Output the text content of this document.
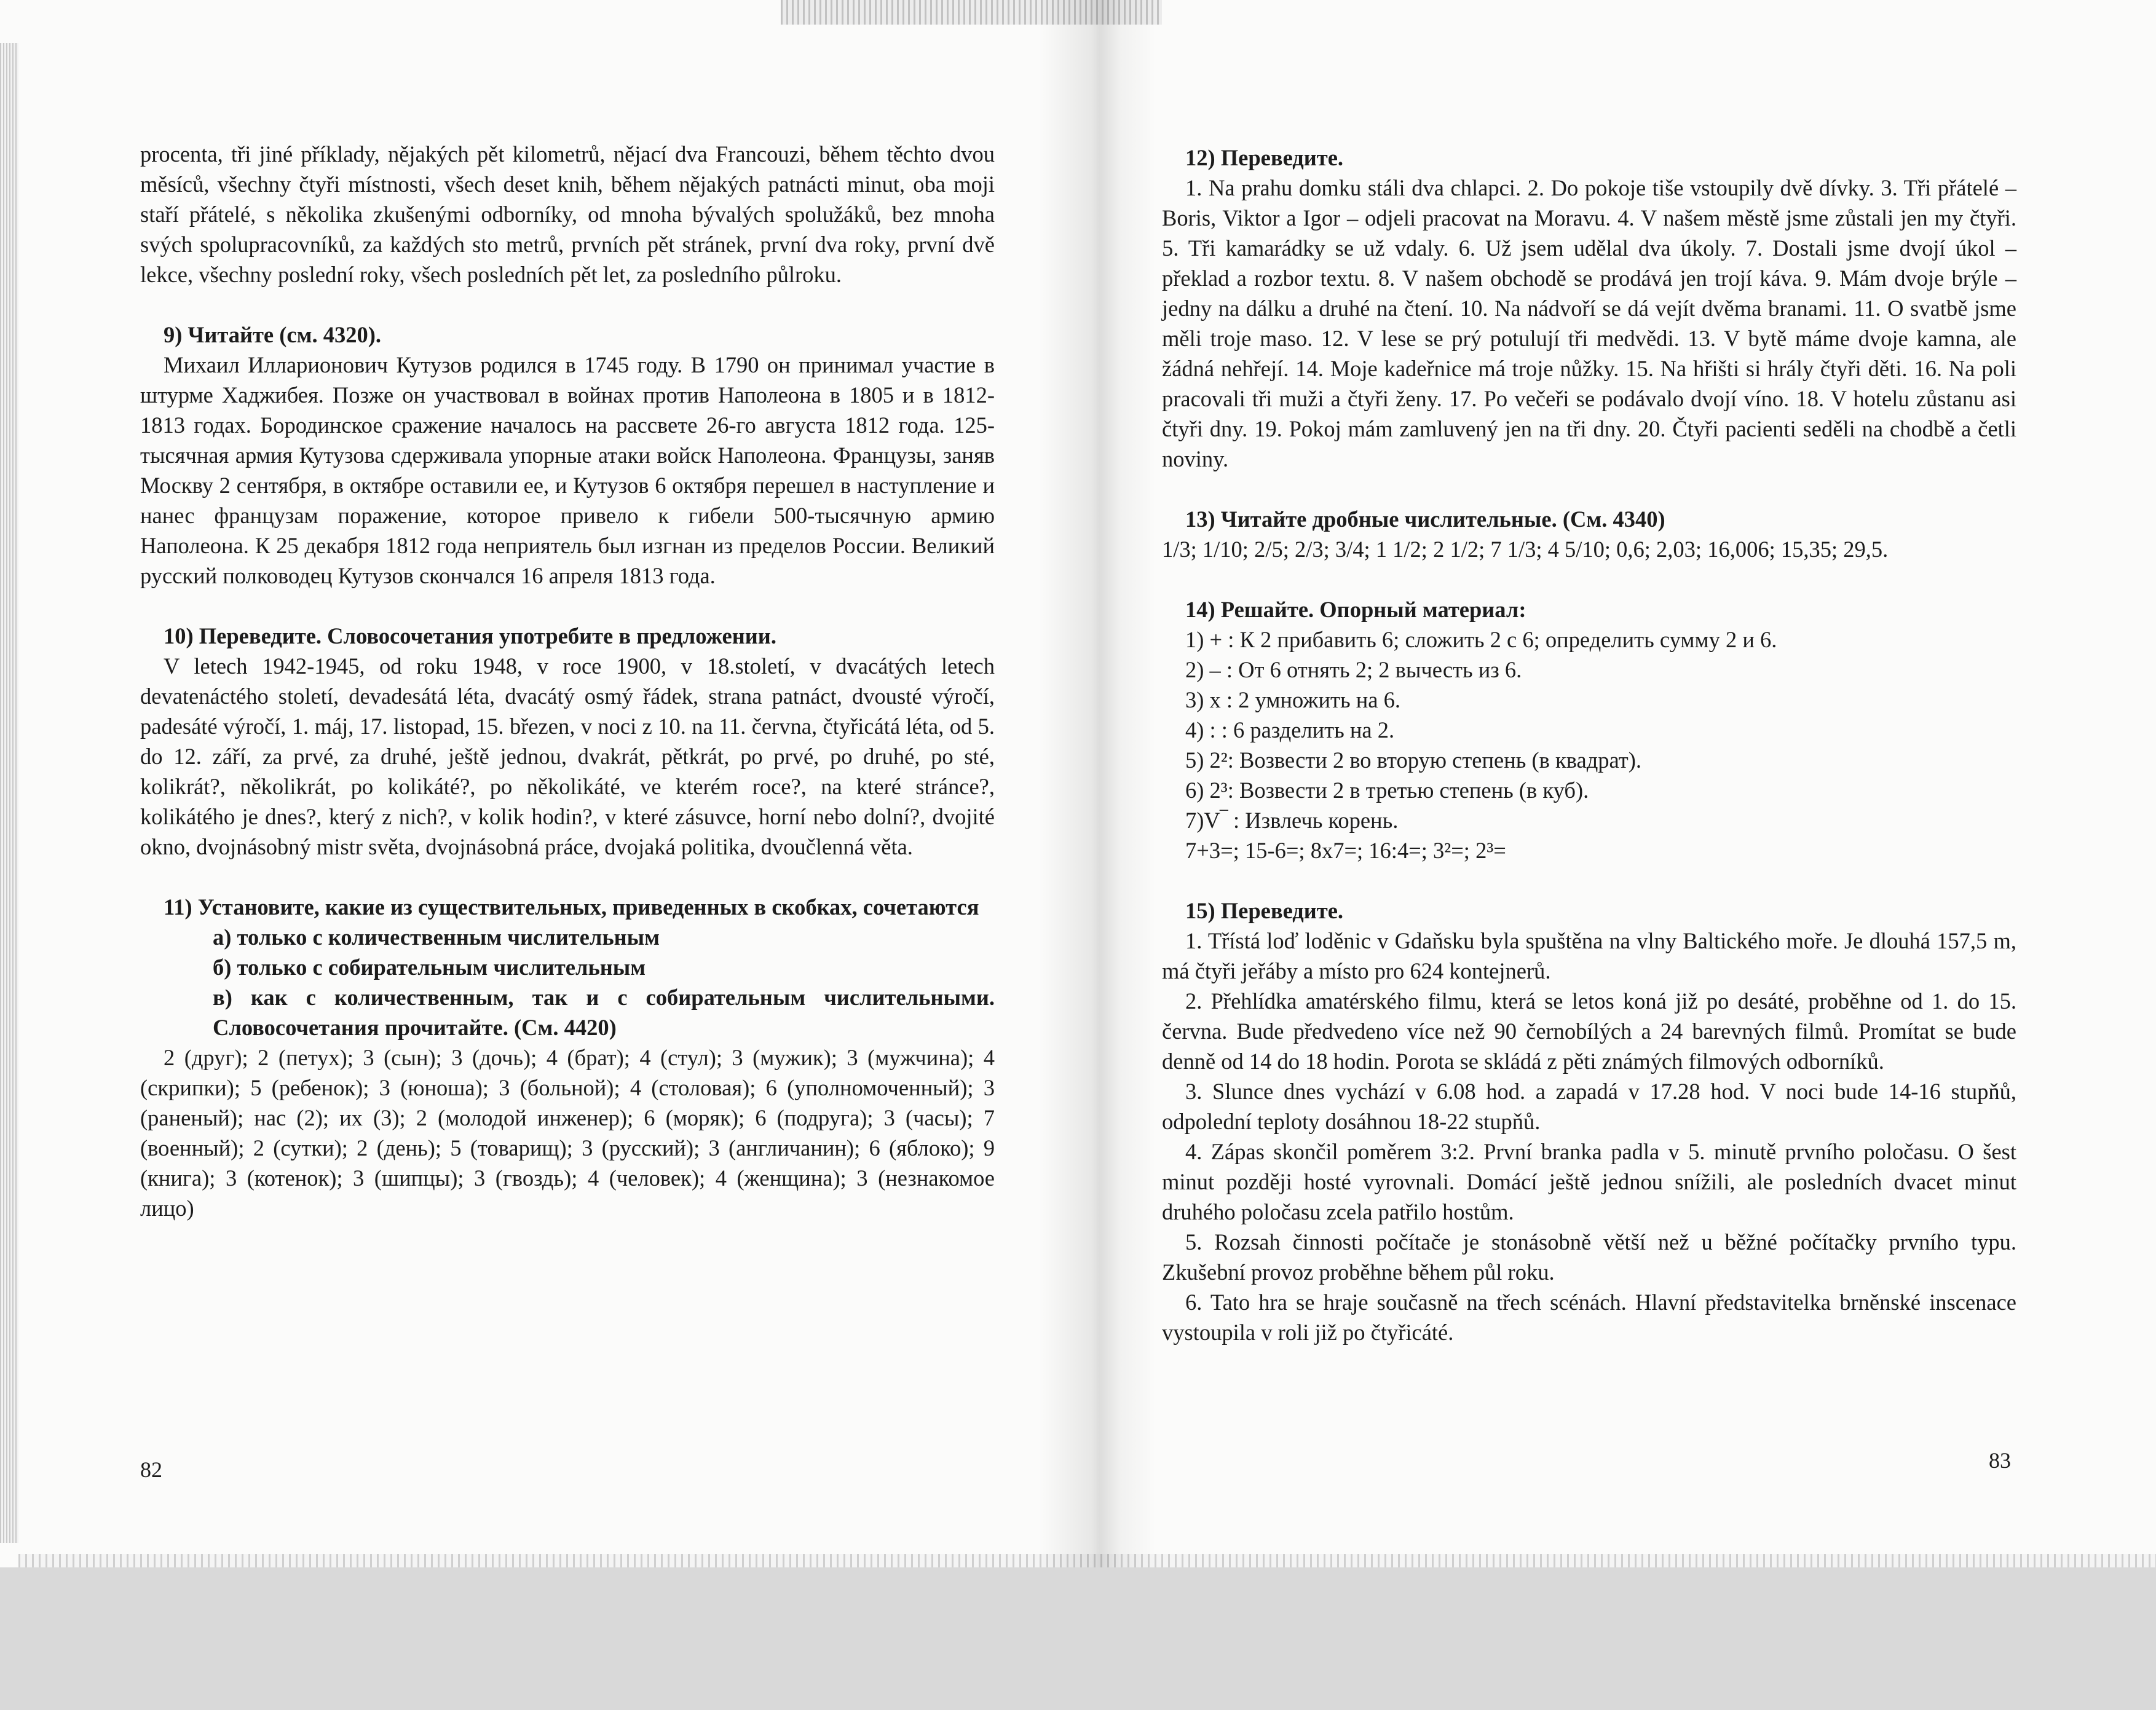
procenta, tři jiné příklady, nějakých pět kilometrů, nějací dva Francouzi, během těchto dvou měsíců, všechny čtyři místnosti, všech deset knih, během nějakých patnácti minut, oba moji staří přátelé, s několika zkušenými odborníky, od mnoha bývalých spolužáků, bez mnoha svých spolupracovníků, za každých sto metrů, prvních pět stránek, první dva roky, první dvě lekce, všechny poslední roky, všech posledních pět let, za posledního půlroku.

9) Читайте (см. 4320).

Михаил Илларионович Кутузов родился в 1745 году. В 1790 он принимал участие в штурме Хаджибея. Позже он участвовал в войнах против Наполеона в 1805 и в 1812-1813 годах. Бородинское сражение началось на рассвете 26-го августа 1812 года. 125-тысячная армия Кутузова сдерживала упорные атаки войск Наполеона. Французы, заняв Москву 2 сентября, в октябре оставили ее, и Кутузов 6 октября перешел в наступление и нанес французам поражение, которое привело к гибели 500-тысячную армию Наполеона. К 25 декабря 1812 года неприятель был изгнан из пределов России. Великий русский полководец Кутузов скончался 16 апреля 1813 года.

10) Переведите. Словосочетания употребите в предложении.

V letech 1942-1945, od roku 1948, v roce 1900, v 18.století, v dvacátých letech devatenáctého století, devadesátá léta, dvacátý osmý řádek, strana patnáct, dvousté výročí, padesáté výročí, 1. máj, 17. listopad, 15. březen, v noci z 10. na 11. června, čtyřicátá léta, od 5. do 12. září, za prvé, za druhé, ještě jednou, dvakrát, pětkrát, po prvé, po druhé, po sté, kolikrát?, několikrát, po kolikáté?, po několikáté, ve kterém roce?, na které stránce?, kolikátého je dnes?, který z nich?, v kolik hodin?, v které zásuvce, horní nebo dolní?, dvojité okno, dvojnásobný mistr světa, dvojnásobná práce, dvojaká politika, dvoučlenná věta.

11) Установите, какие из существительных, приведенных в скобках, сочетаются

а) только с количественным числительным

б) только с собирательным числительным

в) как с количественным, так и с собирательным числительными. Словосочетания прочитайте. (См. 4420)

2 (друг); 2 (петух); 3 (сын); 3 (дочь); 4 (брат); 4 (стул); 3 (мужик); 3 (мужчина); 4 (скрипки); 5 (ребенок); 3 (юноша); 3 (больной); 4 (столовая); 6 (уполномоченный); 3 (раненый); нас (2); их (3); 2 (молодой инженер); 6 (моряк); 6 (подруга); 3 (часы); 7 (военный); 2 (сутки); 2 (день); 5 (товарищ); 3 (русский); 3 (англичанин); 6 (яблоко); 9 (книга); 3 (котенок); 3 (шипцы); 3 (гвоздь); 4 (человек); 4 (женщина); 3 (незнакомое лицо)

82

12) Переведите.

1. Na prahu domku stáli dva chlapci. 2. Do pokoje tiše vstoupily dvě dívky. 3. Tři přátelé – Boris, Viktor a Igor – odjeli pracovat na Moravu. 4. V našem městě jsme zůstali jen my čtyři. 5. Tři kamarádky se už vdaly. 6. Už jsem udělal dva úkoly. 7. Dostali jsme dvojí úkol – překlad a rozbor textu. 8. V našem obchodě se prodává jen trojí káva. 9. Mám dvoje brýle – jedny na dálku a druhé na čtení. 10. Na nádvoří se dá vejít dvěma branami. 11. O svatbě jsme měli troje maso. 12. V lese se prý potulují tři medvědi. 13. V bytě máme dvoje kamna, ale žádná nehřejí. 14. Moje kadeřnice má troje nůžky. 15. Na hřišti si hrály čtyři děti. 16. Na poli pracovali tři muži a čtyři ženy. 17. Po večeři se podávalo dvojí víno. 18. V hotelu zůstanu asi čtyři dny. 19. Pokoj mám zamluvený jen na tři dny. 20. Čtyři pacienti seděli na chodbě a četli noviny.

13) Читайте дробные числительные. (См. 4340)

1/3; 1/10; 2/5; 2/3; 3/4; 1 1/2; 2 1/2; 7 1/3; 4 5/10; 0,6; 2,03; 16,006; 15,35; 29,5.

14) Решайте. Опорный материал:

1) + : К 2 прибавить 6; сложить 2 с 6; определить сумму 2 и 6.

2) – : От 6 отнять 2; 2 вычесть из 6.

3) x : 2 умножить на 6.

4) : : 6 разделить на 2.

5) 2²: Возвести 2 во вторую степень (в квадрат).

6) 2³: Возвести 2 в третью степень (в куб).

7)V‾ : Извлечь корень.

7+3=; 15-6=; 8x7=; 16:4=; 3²=; 2³=

15) Переведите.

1. Třístá loď loděnic v Gdaňsku byla spuštěna na vlny Baltického moře. Je dlouhá 157,5 m, má čtyři jeřáby a místo pro 624 kontejnerů.

2. Přehlídka amatérského filmu, která se letos koná již po desáté, proběhne od 1. do 15. června. Bude předvedeno více než 90 černobílých a 24 barevných filmů. Promítat se bude denně od 14 do 18 hodin. Porota se skládá z pěti známých filmových odborníků.

3. Slunce dnes vychází v 6.08 hod. a zapadá v 17.28 hod. V noci bude 14-16 stupňů, odpolední teploty dosáhnou 18-22 stupňů.

4. Zápas skončil poměrem 3:2. První branka padla v 5. minutě prvního poločasu. O šest minut později hosté vyrovnali. Domácí ještě jednou snížili, ale posledních dvacet minut druhého poločasu zcela patřilo hostům.

5. Rozsah činnosti počítače je stonásobně větší než u běžné počítačky prvního typu. Zkušební provoz proběhne během půl roku.

6. Tato hra se hraje současně na třech scénách. Hlavní představitelka brněnské inscenace vystoupila v roli již po čtyřicáté.

83
